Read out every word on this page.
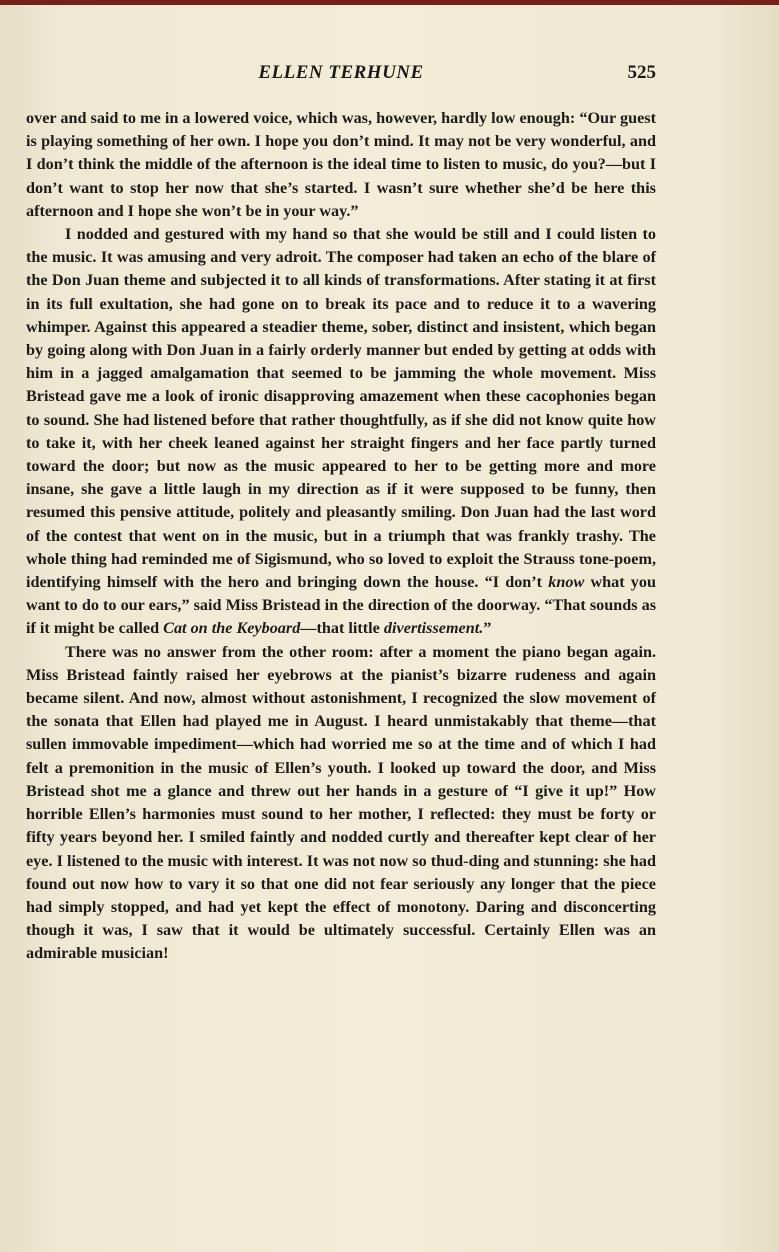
ELLEN TERHUNE	525

over and said to me in a lowered voice, which was, however, hardly low enough: “Our guest is playing something of her own. I hope you don’t mind. It may not be very wonderful, and I don’t think the middle of the afternoon is the ideal time to listen to music, do you?—but I don’t want to stop her now that she’s started. I wasn’t sure whether she’d be here this afternoon and I hope she won’t be in your way.”

I nodded and gestured with my hand so that she would be still and I could listen to the music. It was amusing and very adroit. The composer had taken an echo of the blare of the Don Juan theme and subjected it to all kinds of transformations. After stating it at first in its full exultation, she had gone on to break its pace and to reduce it to a wavering whimper. Against this appeared a steadier theme, sober, distinct and insistent, which began by going along with Don Juan in a fairly orderly manner but ended by getting at odds with him in a jagged amalgamation that seemed to be jamming the whole movement. Miss Bristead gave me a look of ironic disapproving amazement when these cacophonies began to sound. She had listened before that rather thoughtfully, as if she did not know quite how to take it, with her cheek leaned against her straight fingers and her face partly turned toward the door; but now as the music appeared to her to be getting more and more insane, she gave a little laugh in my direction as if it were supposed to be funny, then resumed this pensive attitude, politely and pleasantly smiling. Don Juan had the last word of the contest that went on in the music, but in a triumph that was frankly trashy. The whole thing had reminded me of Sigismund, who so loved to exploit the Strauss tone-poem, identifying himself with the hero and bringing down the house. “I don’t know what you want to do to our ears,” said Miss Bristead in the direction of the doorway. “That sounds as if it might be called Cat on the Keyboard—that little divertissement.”

There was no answer from the other room: after a moment the piano began again. Miss Bristead faintly raised her eyebrows at the pianist’s bizarre rudeness and again became silent. And now, almost without astonishment, I recognized the slow movement of the sonata that Ellen had played me in August. I heard unmistakably that theme—that sullen immovable impediment—which had worried me so at the time and of which I had felt a premonition in the music of Ellen’s youth. I looked up toward the door, and Miss Bristead shot me a glance and threw out her hands in a gesture of “I give it up!” How horrible Ellen’s harmonies must sound to her mother, I reflected: they must be forty or fifty years beyond her. I smiled faintly and nodded curtly and thereafter kept clear of her eye. I listened to the music with interest. It was not now so thud-ding and stunning: she had found out now how to vary it so that one did not fear seriously any longer that the piece had simply stopped, and had yet kept the effect of monotony. Daring and disconcerting though it was, I saw that it would be ultimately successful. Certainly Ellen was an admirable musician!
